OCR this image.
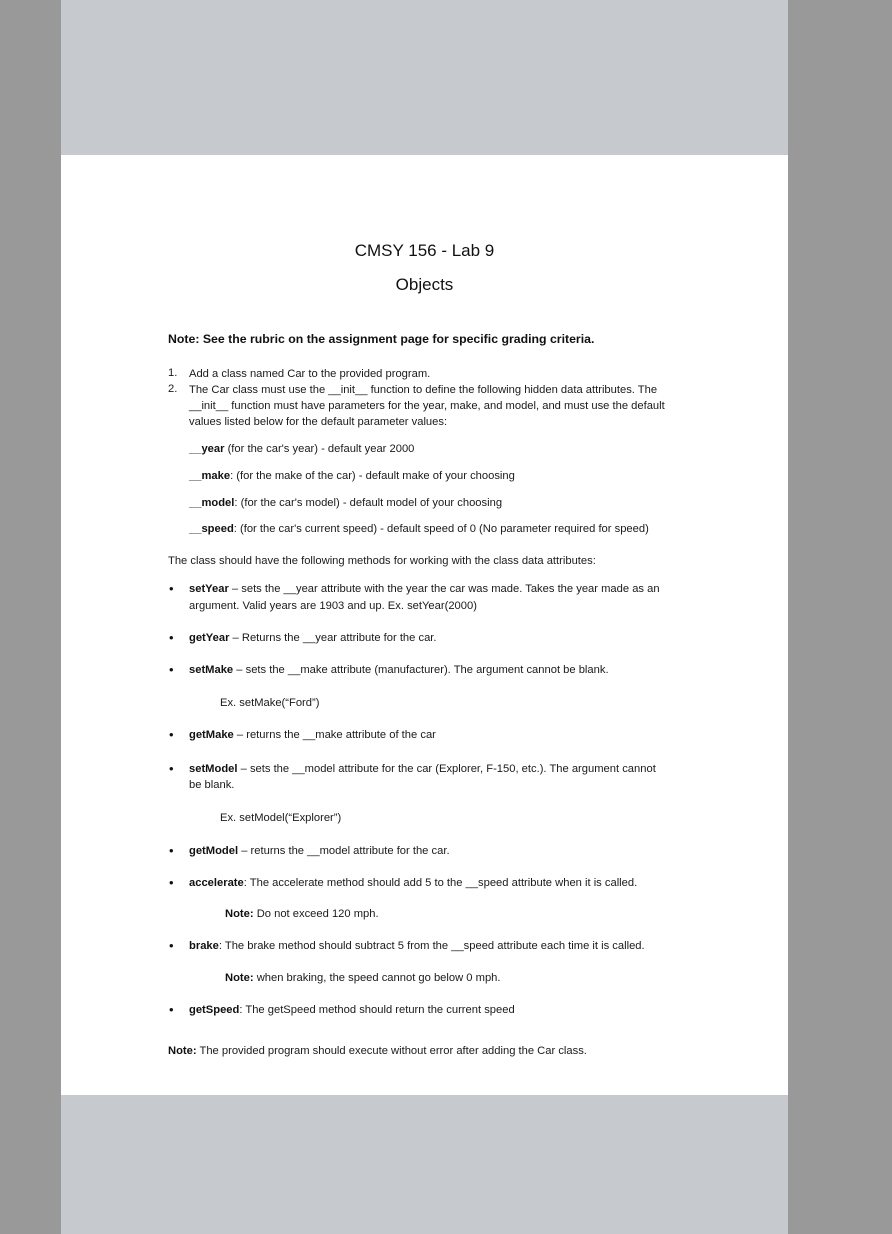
CMSY 156 - Lab 9
Objects
Note: See the rubric on the assignment page for specific grading criteria.
1. Add a class named Car to the provided program.
2. The Car class must use the __init__ function to define the following hidden data attributes. The
__init__ function must have parameters for the year, make, and model, and must use the default
values listed below for the default parameter values:
__year (for the car's year) - default year 2000
__make: (for the make of the car) - default make of your choosing
__model: (for the car's model) - default model of your choosing
__speed: (for the car's current speed) - default speed of 0 (No parameter required for speed)
The class should have the following methods for working with the class data attributes:
• setYear – sets the __year attribute with the year the car was made. Takes the year made as an
argument. Valid years are 1903 and up. Ex. setYear(2000)
• getYear – Returns the __year attribute for the car.
• setMake – sets the __make attribute (manufacturer). The argument cannot be blank.
Ex. setMake(“Ford”)
• getMake – returns the __make attribute of the car
• setModel – sets the __model attribute for the car (Explorer, F-150, etc.). The argument cannot
be blank.
Ex. setModel(“Explorer”)
• getModel – returns the __model attribute for the car.
• accelerate: The accelerate method should add 5 to the __speed attribute when it is called.
Note: Do not exceed 120 mph.
• brake: The brake method should subtract 5 from the __speed attribute each time it is called.
Note: when braking, the speed cannot go below 0 mph.
• getSpeed: The getSpeed method should return the current speed
Note: The provided program should execute without error after adding the Car class.
